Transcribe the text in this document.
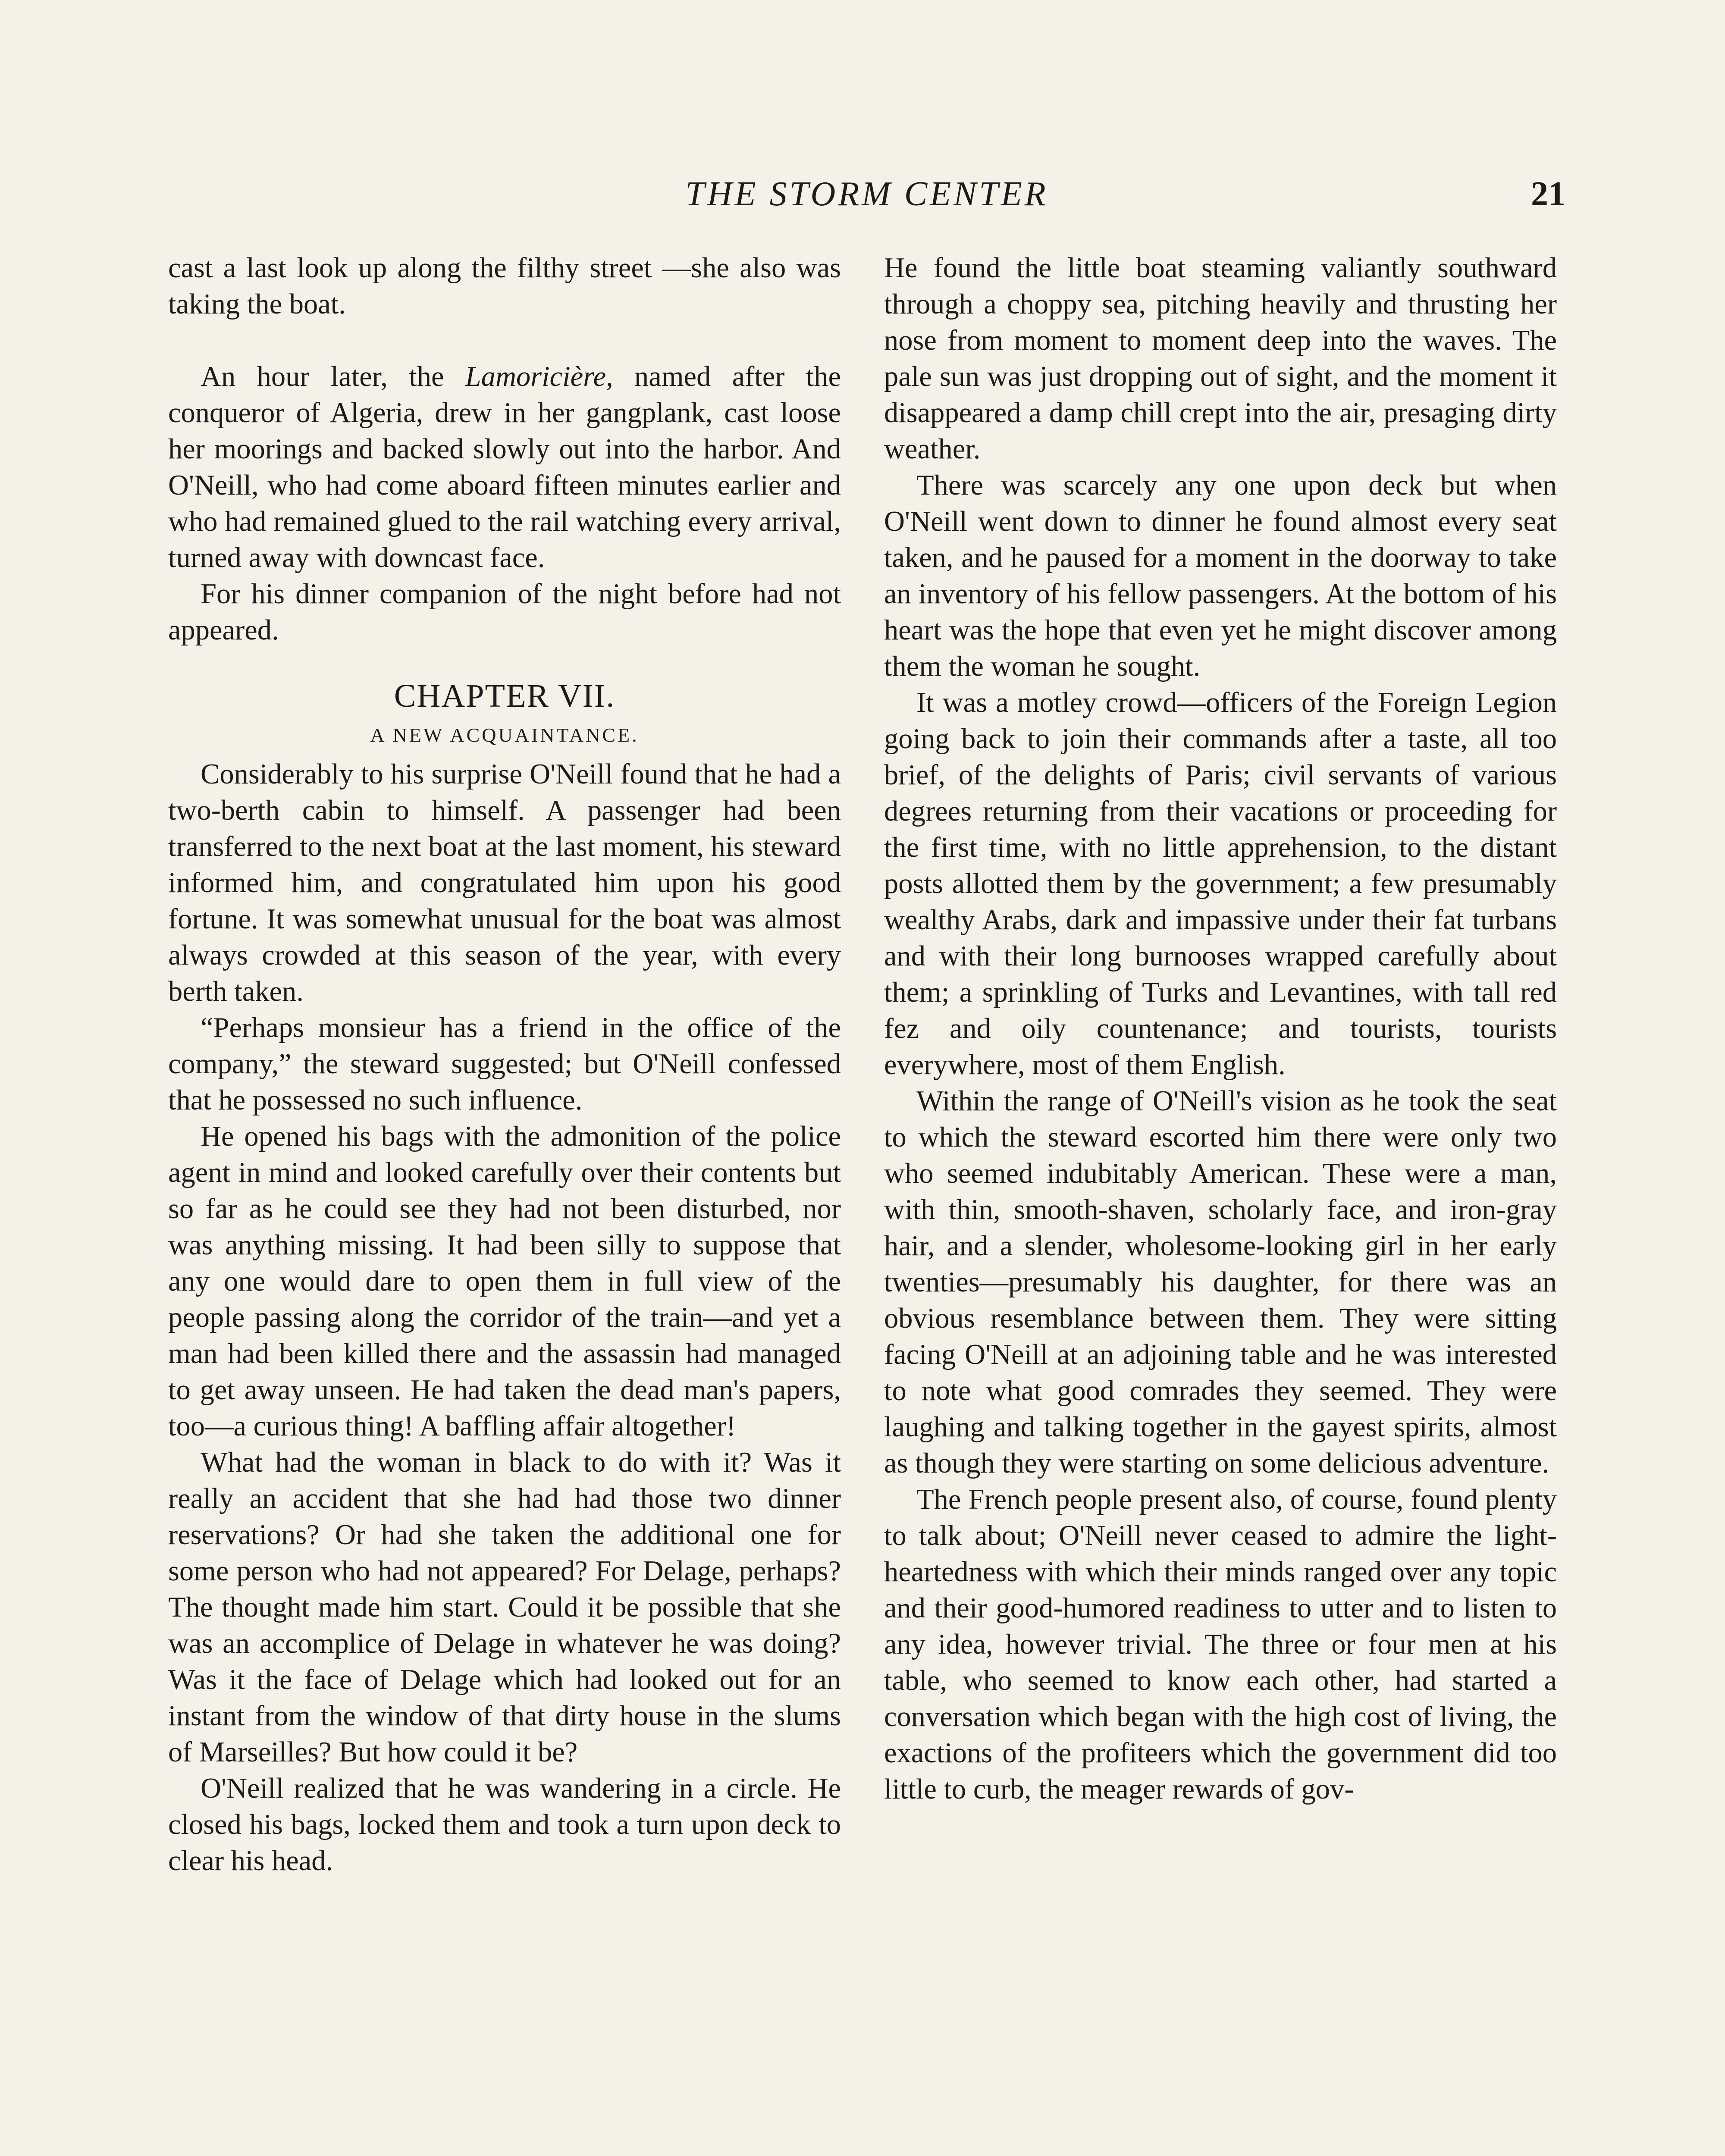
THE STORM CENTER	21

cast a last look up along the filthy street —she also was taking the boat.

An hour later, the Lamoricière, named after the conqueror of Algeria, drew in her gangplank, cast loose her moorings and backed slowly out into the harbor. And O'Neill, who had come aboard fifteen minutes earlier and who had remained glued to the rail watching every arrival, turned away with downcast face.

For his dinner companion of the night before had not appeared.

CHAPTER VII.
A NEW ACQUAINTANCE.

Considerably to his surprise O'Neill found that he had a two-berth cabin to himself. A passenger had been transferred to the next boat at the last moment, his steward informed him, and congratulated him upon his good fortune. It was somewhat unusual for the boat was almost always crowded at this season of the year, with every berth taken.

“Perhaps monsieur has a friend in the office of the company,” the steward suggested; but O'Neill confessed that he possessed no such influence.

He opened his bags with the admonition of the police agent in mind and looked carefully over their contents but so far as he could see they had not been disturbed, nor was anything missing. It had been silly to suppose that any one would dare to open them in full view of the people passing along the corridor of the train—and yet a man had been killed there and the assassin had managed to get away unseen. He had taken the dead man's papers, too—a curious thing! A baffling affair altogether!

What had the woman in black to do with it? Was it really an accident that she had had those two dinner reservations? Or had she taken the additional one for some person who had not appeared? For Delage, perhaps? The thought made him start. Could it be possible that she was an accomplice of Delage in whatever he was doing? Was it the face of Delage which had looked out for an instant from the window of that dirty house in the slums of Marseilles? But how could it be?

O'Neill realized that he was wandering in a circle. He closed his bags, locked them and took a turn upon deck to clear his head.

He found the little boat steaming valiantly southward through a choppy sea, pitching heavily and thrusting her nose from moment to moment deep into the waves. The pale sun was just dropping out of sight, and the moment it disappeared a damp chill crept into the air, presaging dirty weather.

There was scarcely any one upon deck but when O'Neill went down to dinner he found almost every seat taken, and he paused for a moment in the doorway to take an inventory of his fellow passengers. At the bottom of his heart was the hope that even yet he might discover among them the woman he sought.

It was a motley crowd—officers of the Foreign Legion going back to join their commands after a taste, all too brief, of the delights of Paris; civil servants of various degrees returning from their vacations or proceeding for the first time, with no little apprehension, to the distant posts allotted them by the government; a few presumably wealthy Arabs, dark and impassive under their fat turbans and with their long burnooses wrapped carefully about them; a sprinkling of Turks and Levantines, with tall red fez and oily countenance; and tourists, tourists everywhere, most of them English.

Within the range of O'Neill's vision as he took the seat to which the steward escorted him there were only two who seemed indubitably American. These were a man, with thin, smooth-shaven, scholarly face, and iron-gray hair, and a slender, wholesome-looking girl in her early twenties—presumably his daughter, for there was an obvious resemblance between them. They were sitting facing O'Neill at an adjoining table and he was interested to note what good comrades they seemed. They were laughing and talking together in the gayest spirits, almost as though they were starting on some delicious adventure.

The French people present also, of course, found plenty to talk about; O'Neill never ceased to admire the light-heartedness with which their minds ranged over any topic and their good-humored readiness to utter and to listen to any idea, however trivial. The three or four men at his table, who seemed to know each other, had started a conversation which began with the high cost of living, the exactions of the profiteers which the government did too little to curb, the meager rewards of gov-
